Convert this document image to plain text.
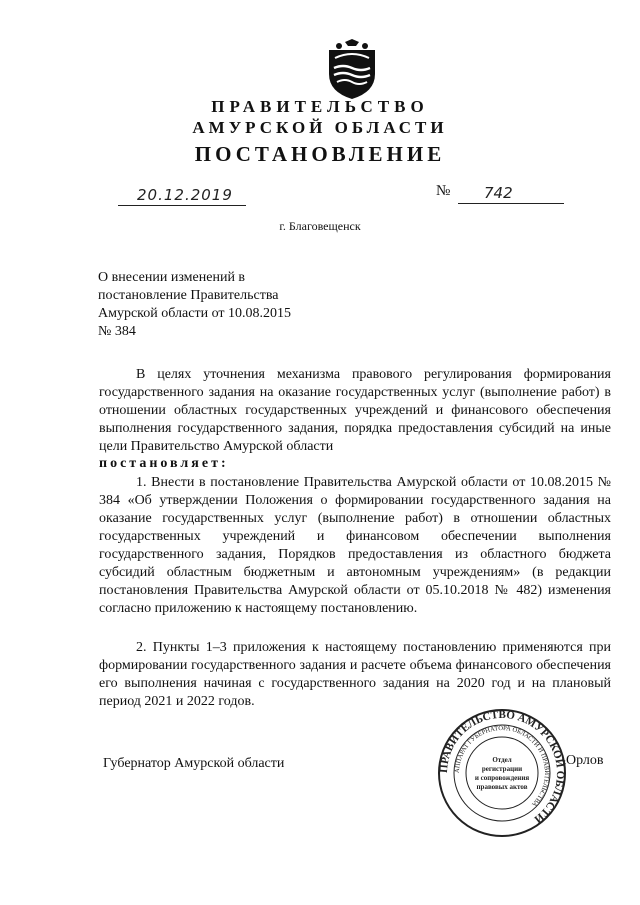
ПРАВИТЕЛЬСТВО
АМУРСКОЙ ОБЛАСТИ
ПОСТАНОВЛЕНИЕ
20.12.2019	№ 742
г. Благовещенск
О внесении изменений в
постановление Правительства
Амурской области от 10.08.2015
№ 384
В целях уточнения механизма правового регулирования формирования государственного задания на оказание государственных услуг (выполнение работ) в отношении областных государственных учреждений и финансового обеспечения выполнения государственного задания, порядка предоставления субсидий на иные цели Правительство Амурской области
постановляет:
1. Внести в постановление Правительства Амурской области от 10.08.2015 № 384 «Об утверждении Положения о формировании государственного задания на оказание государственных услуг (выполнение работ) в отношении областных государственных учреждений и финансовом обеспечении выполнения государственного задания, Порядков предоставления из областного бюджета субсидий областным бюджетным и автономным учреждениям» (в редакции постановления Правительства Амурской области от 05.10.2018 № 482) изменения согласно приложению к настоящему постановлению.
2. Пункты 1–3 приложения к настоящему постановлению применяются при формировании государственного задания и расчете объема финансового обеспечения его выполнения начиная с государственного задания на 2020 год и на плановый период 2021 и 2022 годов.
Губернатор Амурской области	Орлов
ПРАВИТЕЛЬСТВО АМУРСКОЙ ОБЛАСТИ
АППАРАТ ГУБЕРНАТОРА ОБЛАСТИ И ПРАВИТЕЛЬСТВА
Отдел
регистрации
и сопровождения
правовых актов
